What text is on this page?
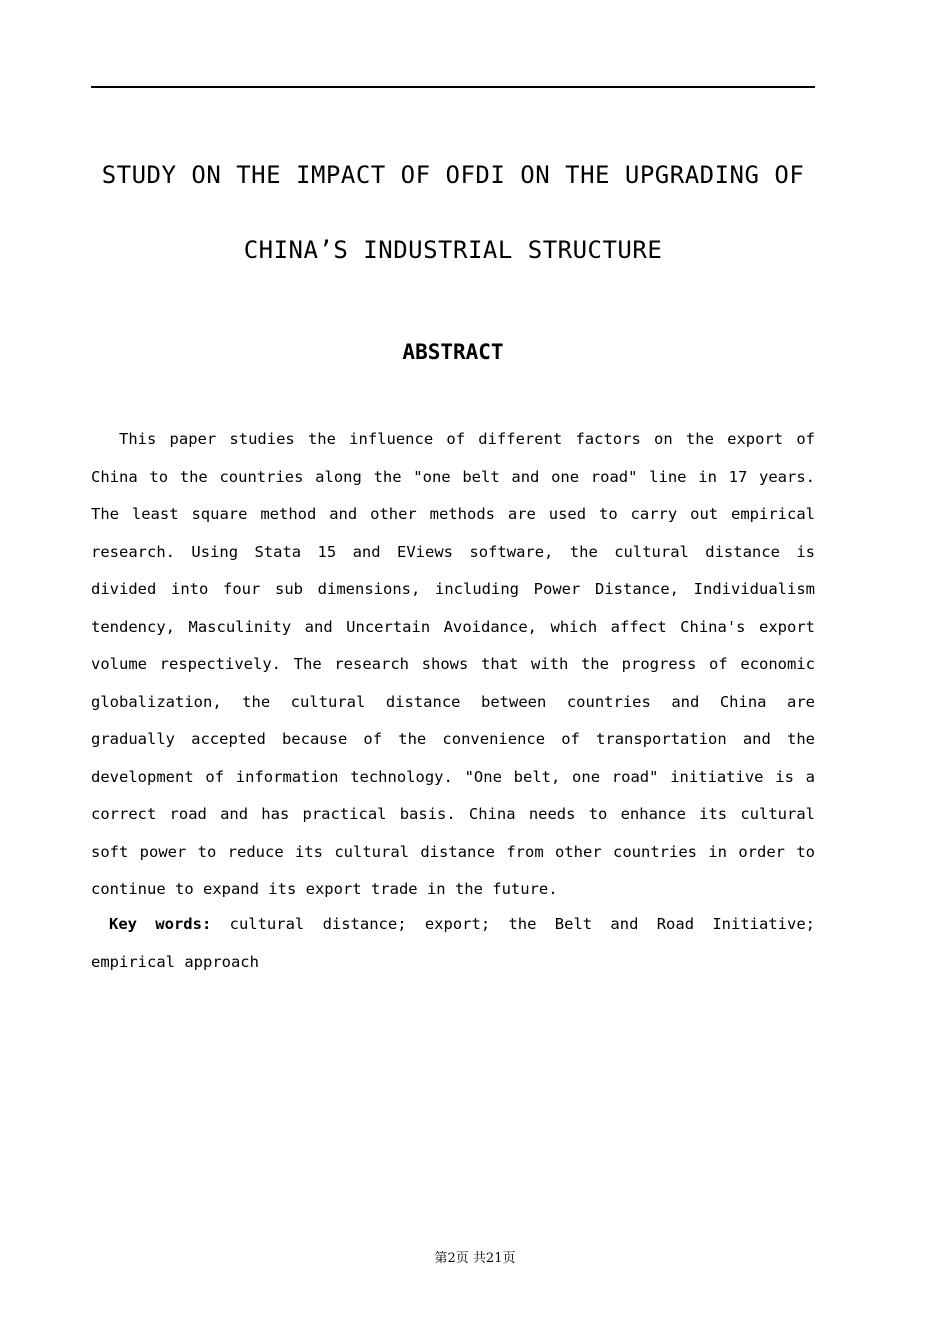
STUDY ON THE IMPACT OF OFDI ON THE UPGRADING OF
CHINA’S INDUSTRIAL STRUCTURE
ABSTRACT

This paper studies the influence of different factors on the export of China to the countries along the "one belt and one road" line in 17 years. The least square method and other methods are used to carry out empirical research. Using Stata 15 and EViews software, the cultural distance is divided into four sub dimensions, including Power Distance, Individualism tendency, Masculinity and Uncertain Avoidance, which affect China's export volume respectively. The research shows that with the progress of economic globalization, the cultural distance between countries and China are gradually accepted because of the convenience of transportation and the development of information technology. "One belt, one road" initiative is a correct road and has practical basis. China needs to enhance its cultural soft power to reduce its cultural distance from other countries in order to continue to expand its export trade in the future.

Key words: cultural distance; export; the Belt and Road Initiative; empirical approach

第2页 共21页
